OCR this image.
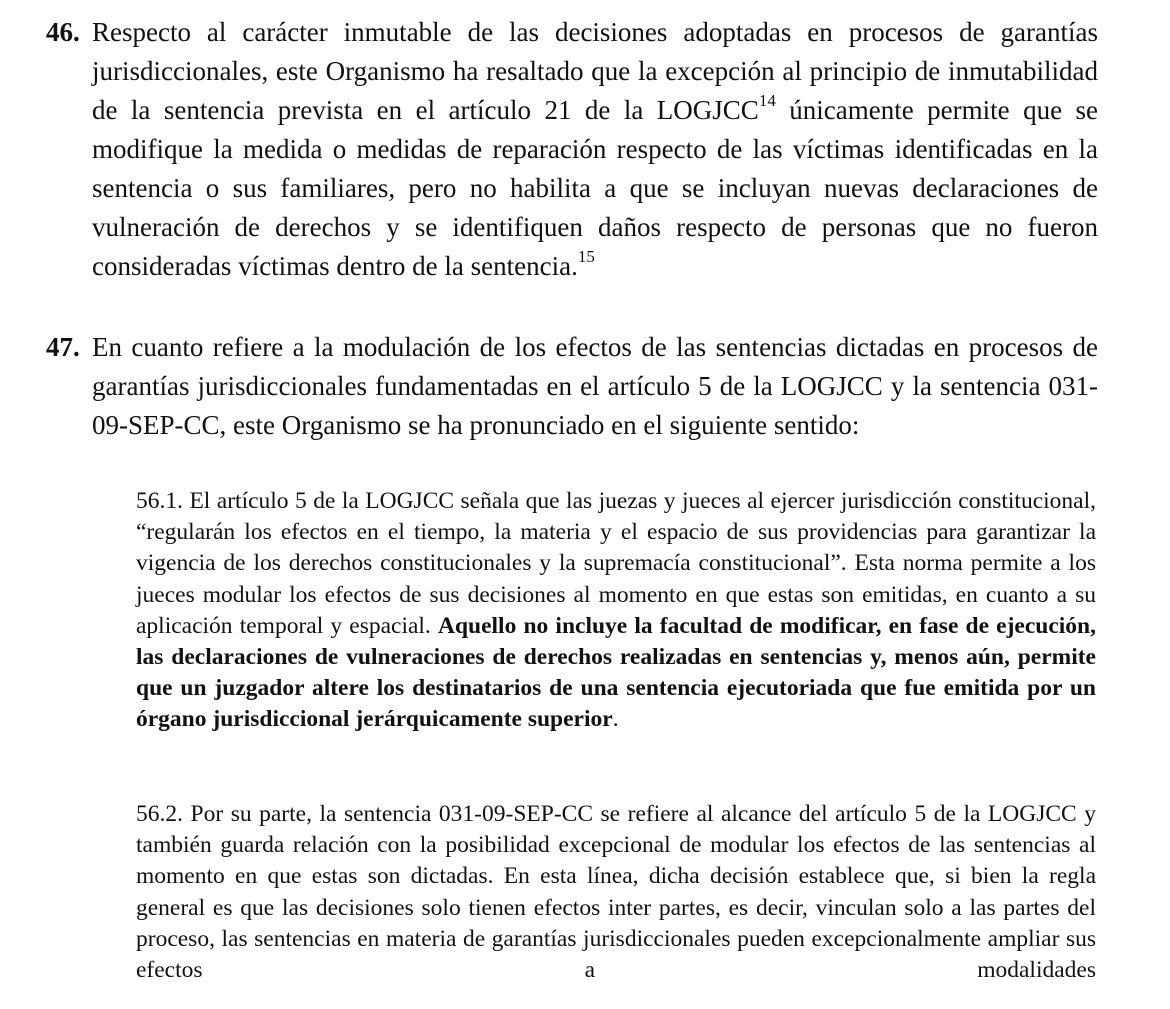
46. Respecto al carácter inmutable de las decisiones adoptadas en procesos de garantías jurisdiccionales, este Organismo ha resaltado que la excepción al principio de inmutabilidad de la sentencia prevista en el artículo 21 de la LOGJCC$^{14}$ únicamente permite que se modifique la medida o medidas de reparación respecto de las víctimas identificadas en la sentencia o sus familiares, pero no habilita a que se incluyan nuevas declaraciones de vulneración de derechos y se identifiquen daños respecto de personas que no fueron consideradas víctimas dentro de la sentencia.$^{15}$

47. En cuanto refiere a la modulación de los efectos de las sentencias dictadas en procesos de garantías jurisdiccionales fundamentadas en el artículo 5 de la LOGJCC y la sentencia 031-09-SEP-CC, este Organismo se ha pronunciado en el siguiente sentido:

56.1. El artículo 5 de la LOGJCC señala que las juezas y jueces al ejercer jurisdicción constitucional, “regularán los efectos en el tiempo, la materia y el espacio de sus providencias para garantizar la vigencia de los derechos constitucionales y la supremacía constitucional”. Esta norma permite a los jueces modular los efectos de sus decisiones al momento en que estas son emitidas, en cuanto a su aplicación temporal y espacial. Aquello no incluye la facultad de modificar, en fase de ejecución, las declaraciones de vulneraciones de derechos realizadas en sentencias y, menos aún, permite que un juzgador altere los destinatarios de una sentencia ejecutoriada que fue emitida por un órgano jurisdiccional jerárquicamente superior.

56.2. Por su parte, la sentencia 031-09-SEP-CC se refiere al alcance del artículo 5 de la LOGJCC y también guarda relación con la posibilidad excepcional de modular los efectos de las sentencias al momento en que estas son dictadas. En esta línea, dicha decisión establece que, si bien la regla general es que las decisiones solo tienen efectos inter partes, es decir, vinculan solo a las partes del proceso, las sentencias en materia de garantías jurisdiccionales pueden excepcionalmente ampliar sus efectos a modalidades
